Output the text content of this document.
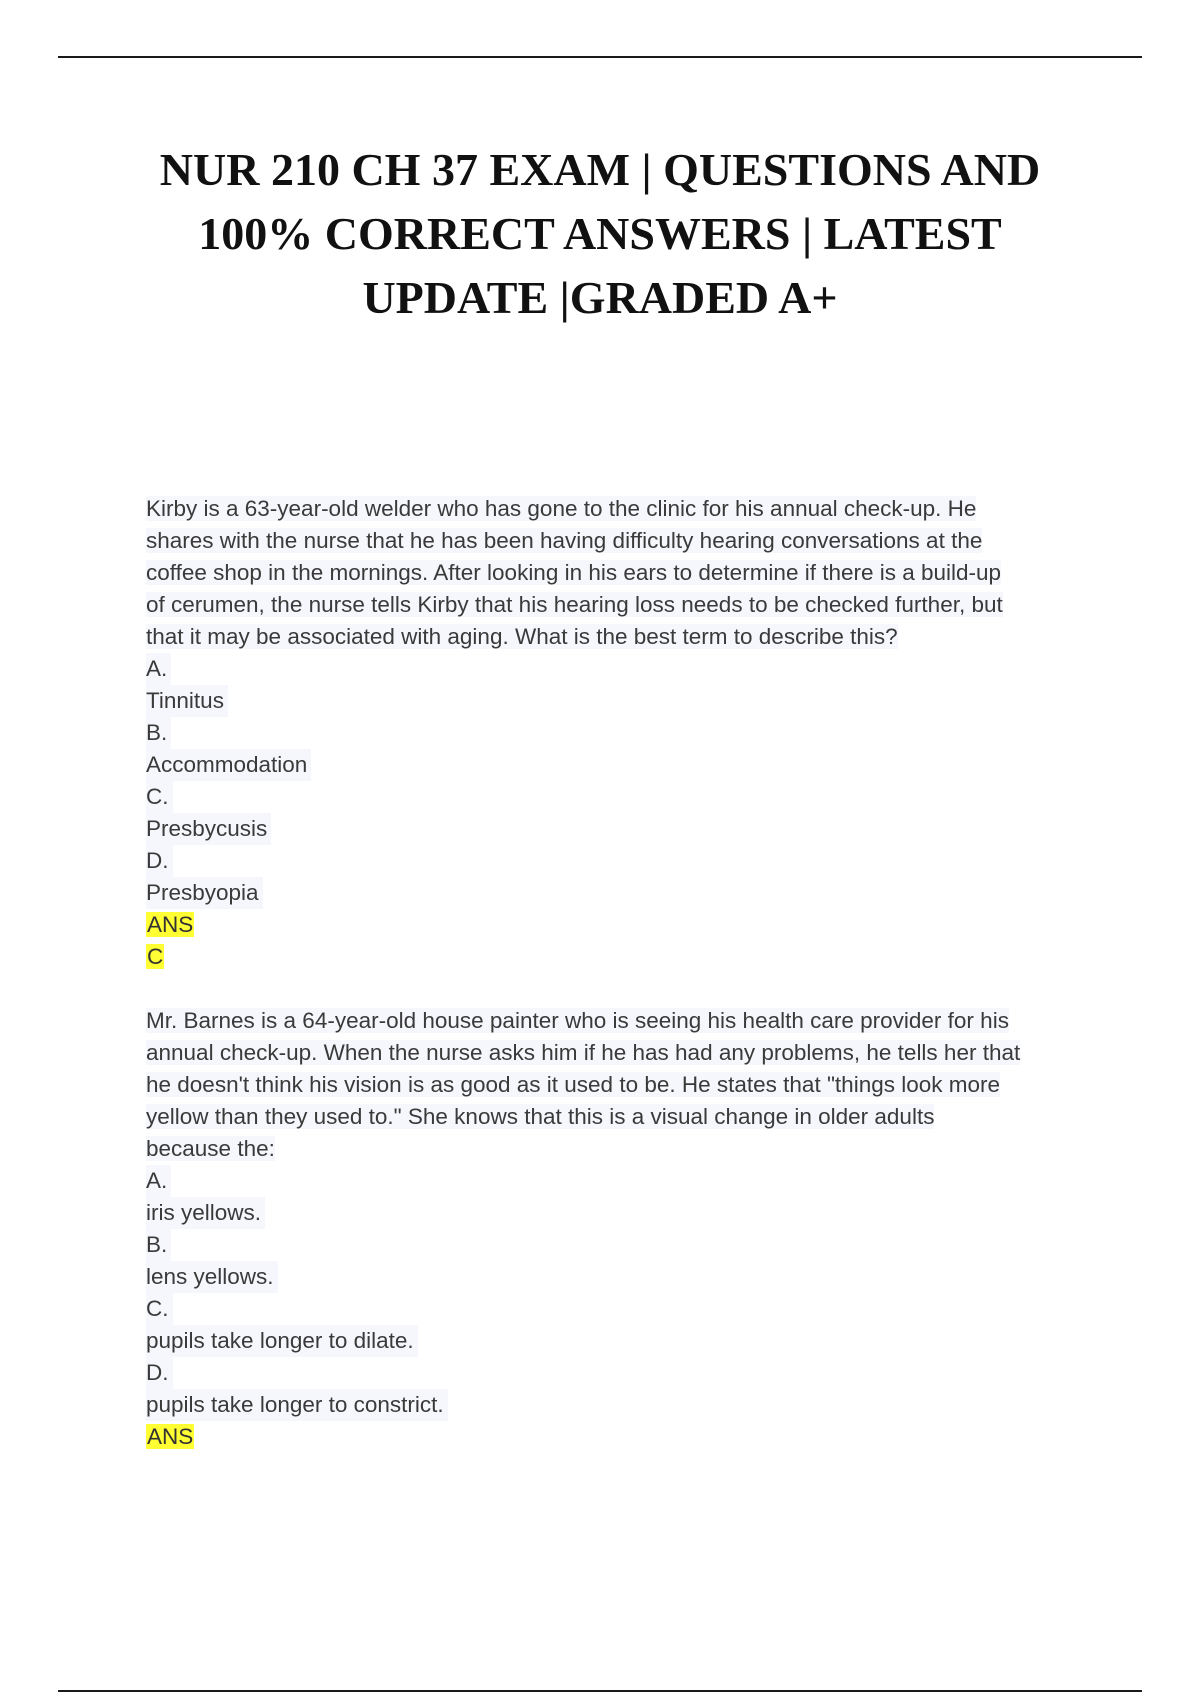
NUR 210 CH 37 EXAM | QUESTIONS AND
100% CORRECT ANSWERS | LATEST
UPDATE |GRADED A+
Kirby is a 63-year-old welder who has gone to the clinic for his annual check-up. He
shares with the nurse that he has been having difficulty hearing conversations at the
coffee shop in the mornings. After looking in his ears to determine if there is a build-up
of cerumen, the nurse tells Kirby that his hearing loss needs to be checked further, but
that it may be associated with aging. What is the best term to describe this?
A.
Tinnitus
B.
Accommodation
C.
Presbycusis
D.
Presbyopia
ANS
C
Mr. Barnes is a 64-year-old house painter who is seeing his health care provider for his
annual check-up. When the nurse asks him if he has had any problems, he tells her that
he doesn't think his vision is as good as it used to be. He states that "things look more
yellow than they used to." She knows that this is a visual change in older adults
because the:
A.
iris yellows.
B.
lens yellows.
C.
pupils take longer to dilate.
D.
pupils take longer to constrict.
ANS
